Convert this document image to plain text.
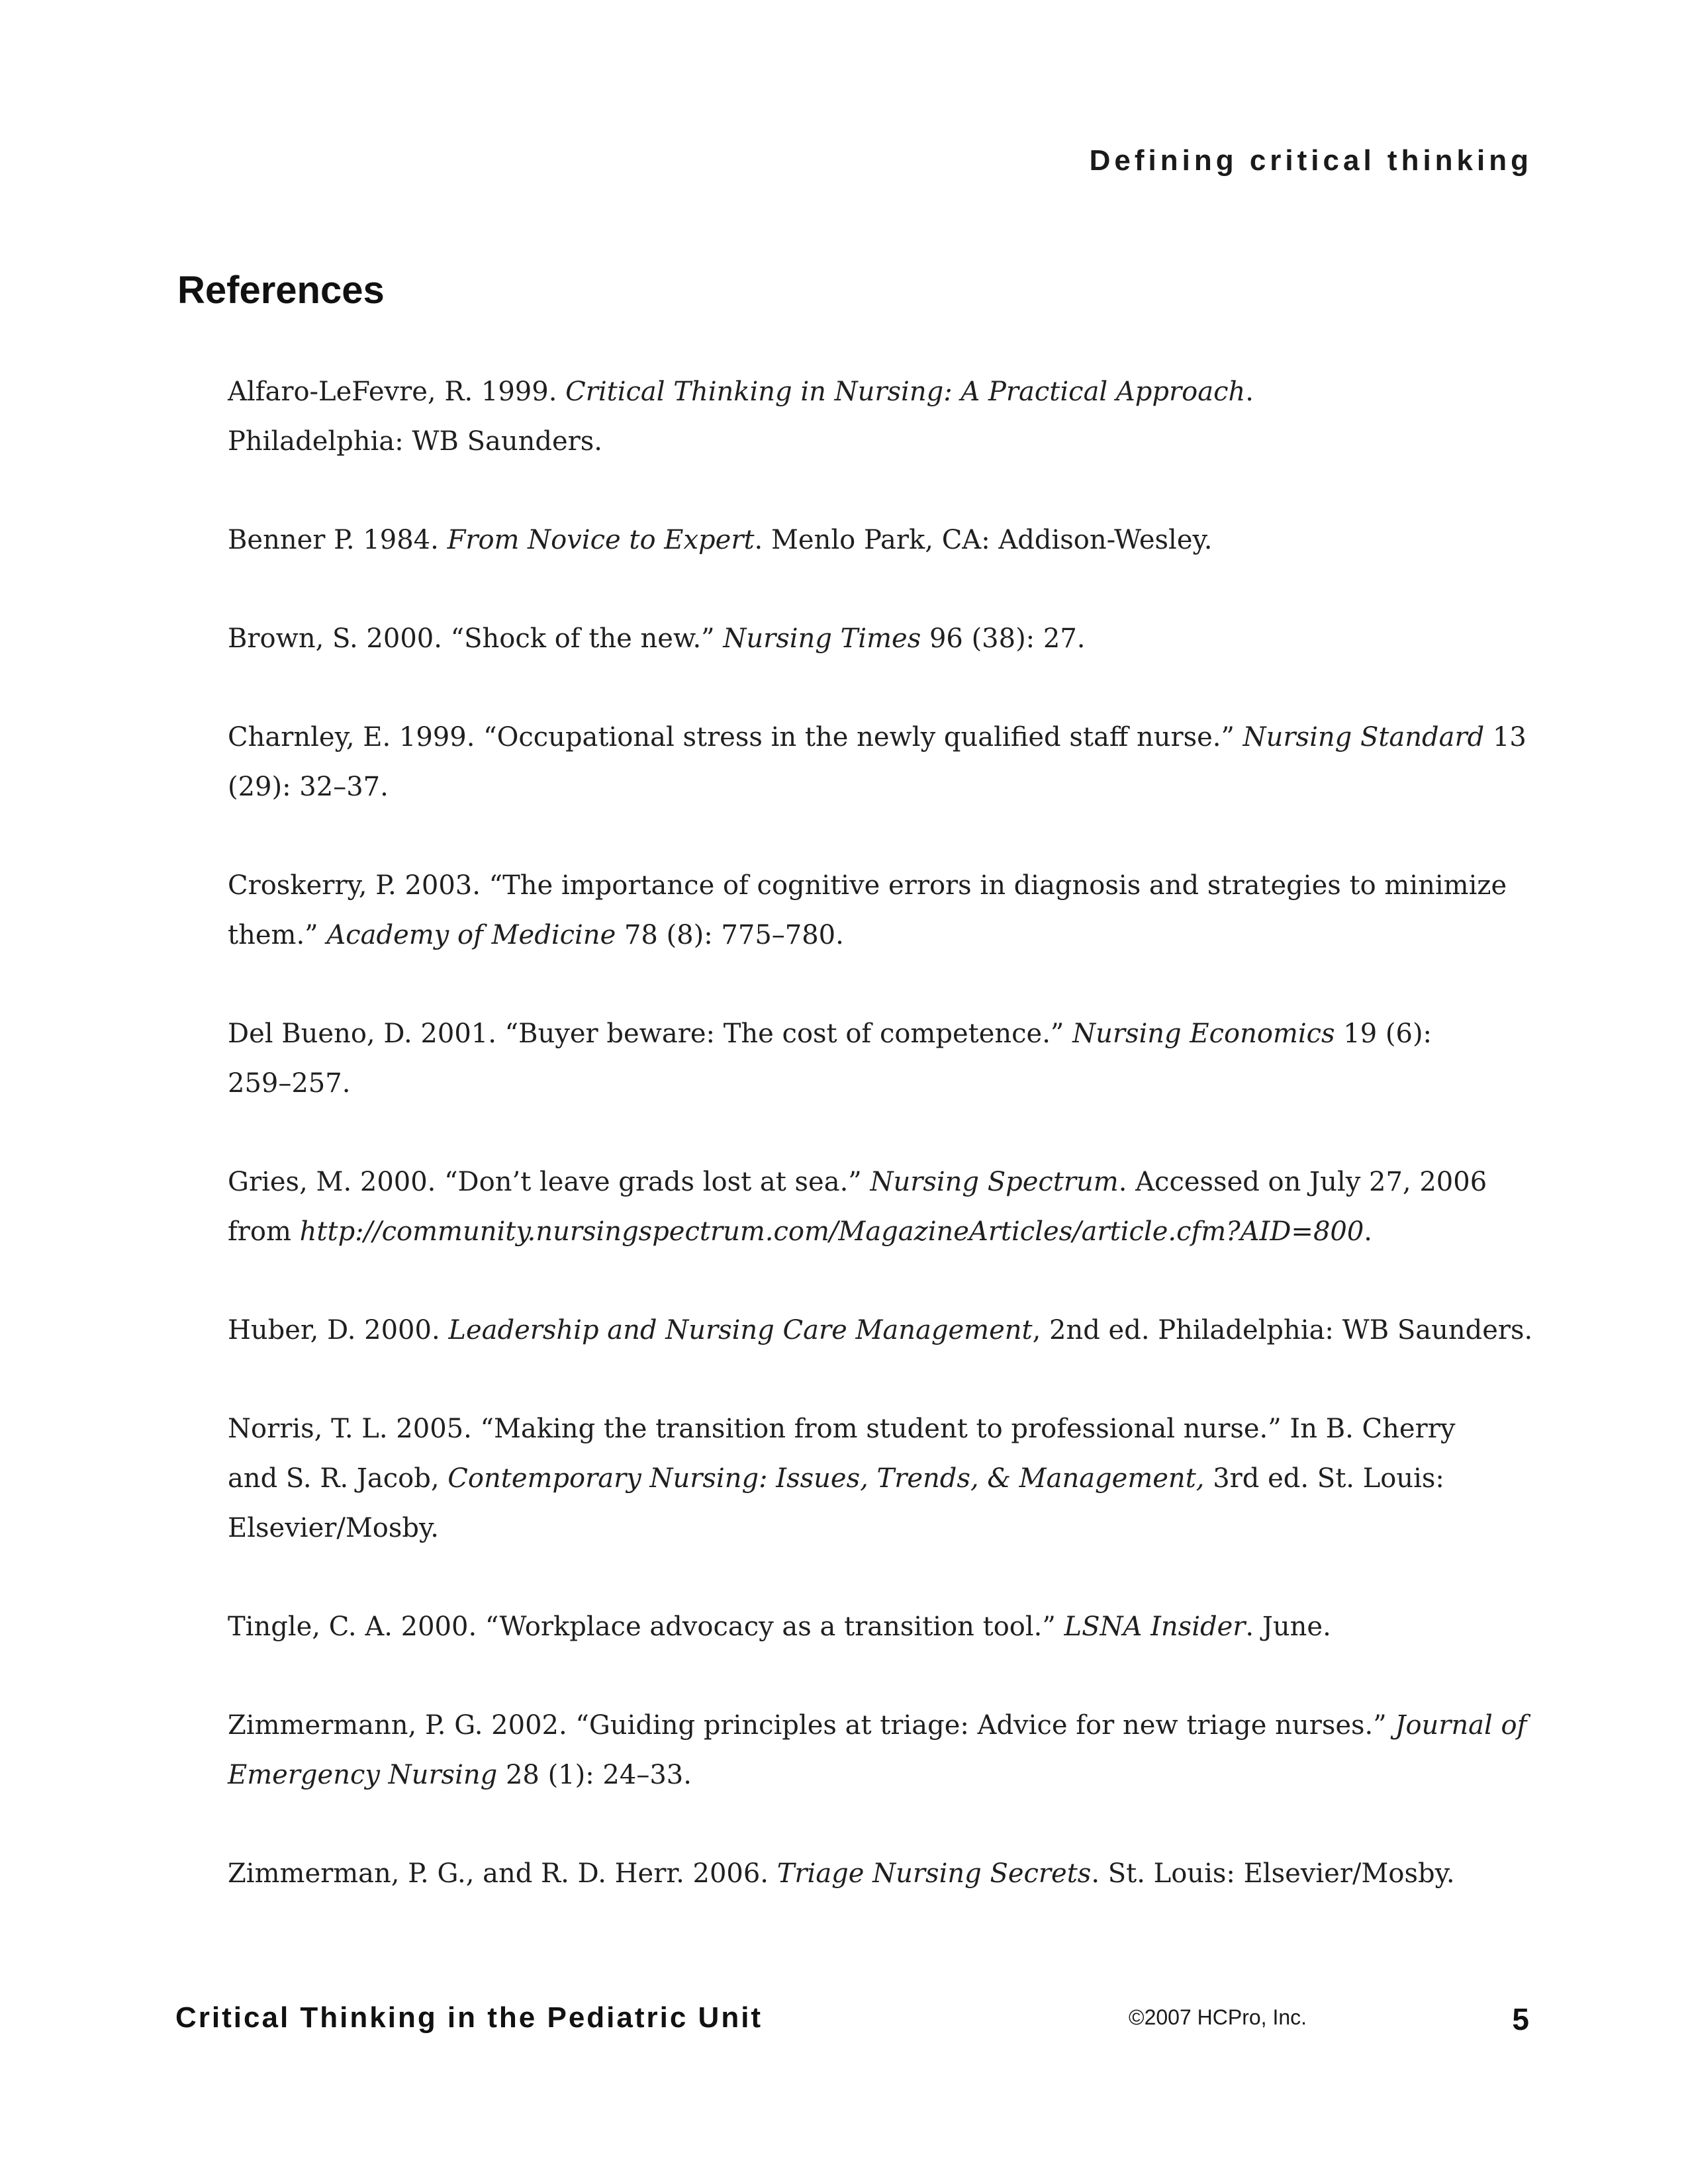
Defining critical thinking
References
Alfaro-LeFevre, R. 1999. Critical Thinking in Nursing: A Practical Approach.
Philadelphia: WB Saunders.
Benner P. 1984. From Novice to Expert. Menlo Park, CA: Addison-Wesley.
Brown, S. 2000. “Shock of the new.” Nursing Times 96 (38): 27.
Charnley, E. 1999. “Occupational stress in the newly qualified staff nurse.” Nursing Standard 13
(29): 32–37.
Croskerry, P. 2003. “The importance of cognitive errors in diagnosis and strategies to minimize
them.” Academy of Medicine 78 (8): 775–780.
Del Bueno, D. 2001. “Buyer beware: The cost of competence.” Nursing Economics 19 (6):
259–257.
Gries, M. 2000. “Don’t leave grads lost at sea.” Nursing Spectrum. Accessed on July 27, 2006
from http://community.nursingspectrum.com/MagazineArticles/article.cfm?AID=800.
Huber, D. 2000. Leadership and Nursing Care Management, 2nd ed. Philadelphia: WB Saunders.
Norris, T. L. 2005. “Making the transition from student to professional nurse.” In B. Cherry
and S. R. Jacob, Contemporary Nursing: Issues, Trends, & Management, 3rd ed. St. Louis:
Elsevier/Mosby.
Tingle, C. A. 2000. “Workplace advocacy as a transition tool.” LSNA Insider. June.
Zimmermann, P. G. 2002. “Guiding principles at triage: Advice for new triage nurses.” Journal of
Emergency Nursing 28 (1): 24–33.
Zimmerman, P. G., and R. D. Herr. 2006. Triage Nursing Secrets. St. Louis: Elsevier/Mosby.
Critical Thinking in the Pediatric Unit	©2007 HCPro, Inc.	5
